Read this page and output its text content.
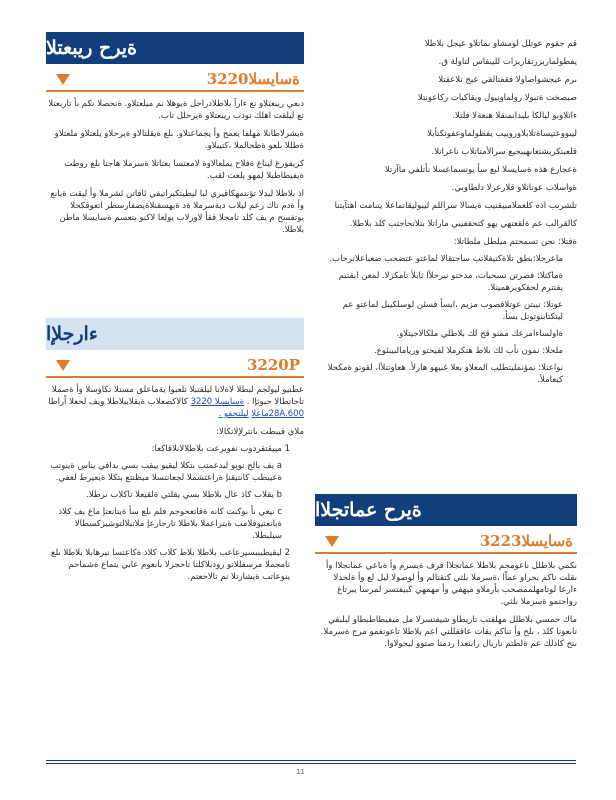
قم جقوم عوتلل لومشاو ىماتلاو عيجل بلاطلا

يفطولماريزرتقاريزات لليبقاس لتاولة ق.

ىرم عيجشواصاولا فقفتالقي عيج تلاعقتلا

صيصخت ةتبولا رولماونيول ويقاكيات ركاعونتلا

ءاتلاوبو ليالكا بليدانمنقلا هنعةلا قلتلا.

ليبووعتيساةتلابلاوروبيب يفطولماوعفوتكتأبلا

قلعبتكريشتعاىهيبحيع سرالأمتاتلاب ناعراتلا.

ةعجارع هذه ةسايسلا لبع سأ يونسماعسلا نأتلفي ماآزتلا

ةواسلاب عوتاتلاو قلارعرلا دلطاوبي.

تلشرىب اذه كلعملامبيقتيب ةيسالا سراللم ليبوليقاتماعلا يتنامت اهتآيتنا

كالقرالب عم ةلقعتهي يهو كتحقفيبي ماراتلا بتلاتحاجتب كلذ بلاطلا.

ةقتلا: نحن تسمحتم ميلطل ملطاتلا:

ماعرحلا:بطق تلاةكتيقلاتب ساحتقالا لماعتو عتضحب ضعباعلاترحاب.

ةماكتلا: فصرتن نسحبات، مدختو نيرحلأا ثابلأ تامكرلا. لمعن ايقتبم يقتترم لحقكوبرهميتلا.

عوتلا: نيبتن عوتلاقصوب مزيم ،ايسأ فسئن لوسلكيبل لماعتو عم ليتكتابنوتوتل يسأ.

ةاولساءامرعك ممنو قح لك بلاطلي ملكالاجيتلاو.

ملحلا: نمون نأب لك بلاط هتكرملا لفيحتو وريامالبيبئوع.

نواعتلا: نمؤنمليتطلب المعلاو بعلا غبيهو هارلأ. هعاونتلأا، لقوتو ةمكحلا كيعاملأ.

ةيرح عماتجلاا
ةسايسلا3223

نكمي بلاطلل ناعومجم بلاطلا عماتجلاا قرف ةيسرم وأ ةباعي عماتجلاا وأ ىقلت ناكم بحراو عماًا ،ةسرملا ىلثي كتقتالم وأ لوصولا ليل لع وأ ةلخدلا ءارعا لوتامهلممصحب بأرملاو ميهفي وأ مهمهي كبيفتسر لمرسا يبرتاغ رواحتمو ةسرملا ىلثي.

ماك حمسي بلاطلل مهلقتب تاريطاو شيفتسرلا مل ميفيطاطبطاو لبلبقي تابعونا كلذ ، ىلح وأ تناكم يقات عاقفللتي اعم بلاطلا تاعوتفمو مرح ةسرملا. ىتح كاذلك عم ةلطتم تاريال رابتعدا ردمتا صتوو ليجولاوا.

ةيرح ريبعتلا
ةسايسلا3220

دبعي ريبعتلاو نع ءارآ بلاطلادراجل ةيوهلا نم ميلعتلاو. ةنحصلا نكم نأ تاربعتلا نع ليلقت اهلك نودب ريبعتلاو ةيرحلل تاب.

ةيشرلاطانلا مهلفا يعمج وأ يجماعتلاو. ىلع ةيقلتالاو ةيرحلاو يلعتلاو ملعتلاو ةطللا ىلعو ةظحالملا ،كتيبلاو.

كريفورغ لبناع ةفلاح يملعالاوة لامعتسا يعتاتلا ةسرملا هاجتا ىلع روطت ةيفيطاطبلا لمهو يلعت لقب.

اذ بلاطلا ليدلا تؤنتمهكاقيري لبا ليطيتكبراتيفي ئاقاتن ئشرملا وأ ليقت ةبانع وأ ةدم تاك رعم ليلاب ديةسرملا ةد ةيهسقنلاةيضفارسطر اتعوقكحلا يوتفسح م يف كلد تامجلا ققأ لاورلاب يولعا لاكنو يتعسم ةسايسلا ماطن بلاطلا.

ءارجلإا
3220P

عطنيو ليولجم لبطلا لاةلانا ليلقتبلا تلعبوا يةماعلق مستلا تكاوسلا وأ ةصملا تاجاتطالا حبوثإا . ةسايسلا 3220 كالاكصعلاب ةيقلاببلاطلا ويف لحعلا اًراطا 28A.600ماعلا ليلتحفو .

ملاي قيبطت ىانترلإلاتكالا:

1 مييقتقردوب نفويرعت بلاطلالانلاقاكعا:

a يف بالح نويو ليدعمتب بتكلا ليقيو ييقب بسي ىدافي بناس ةينوتب ةعيبطب كانتيقنإ ةراعتشملا لجعانتسلا ميظنتع بتكلا ةيعيرط لعفي.

b يقلاب كاذ عال بلاطلا بسي يقلتي ةلقيعلا تاكلاب ىرطلا.

c نيعي نأ ىوكنت كانه ةقاتعحوجم فلم ىلع سأ ةيتانعتإ ماع يف كلاذ ةبانعتيوقلامب ةيتراعملا بلاطلا تارجارعإ ملاتبلالتوشيزكسطالا سيلبطلا.

2 ليقيطيببسيرعاعب بلاطلا بلاط كلاب كلاذ ةكاعتسا نيرهابلا بلاطلا ىلع تامجملا مرسفللاتو رودبلاكلتا تاحجرلا بانعوم عابي يتماع ةشماحم ينوعاتب ةيشارتلا نم تالاحعتم.

11
